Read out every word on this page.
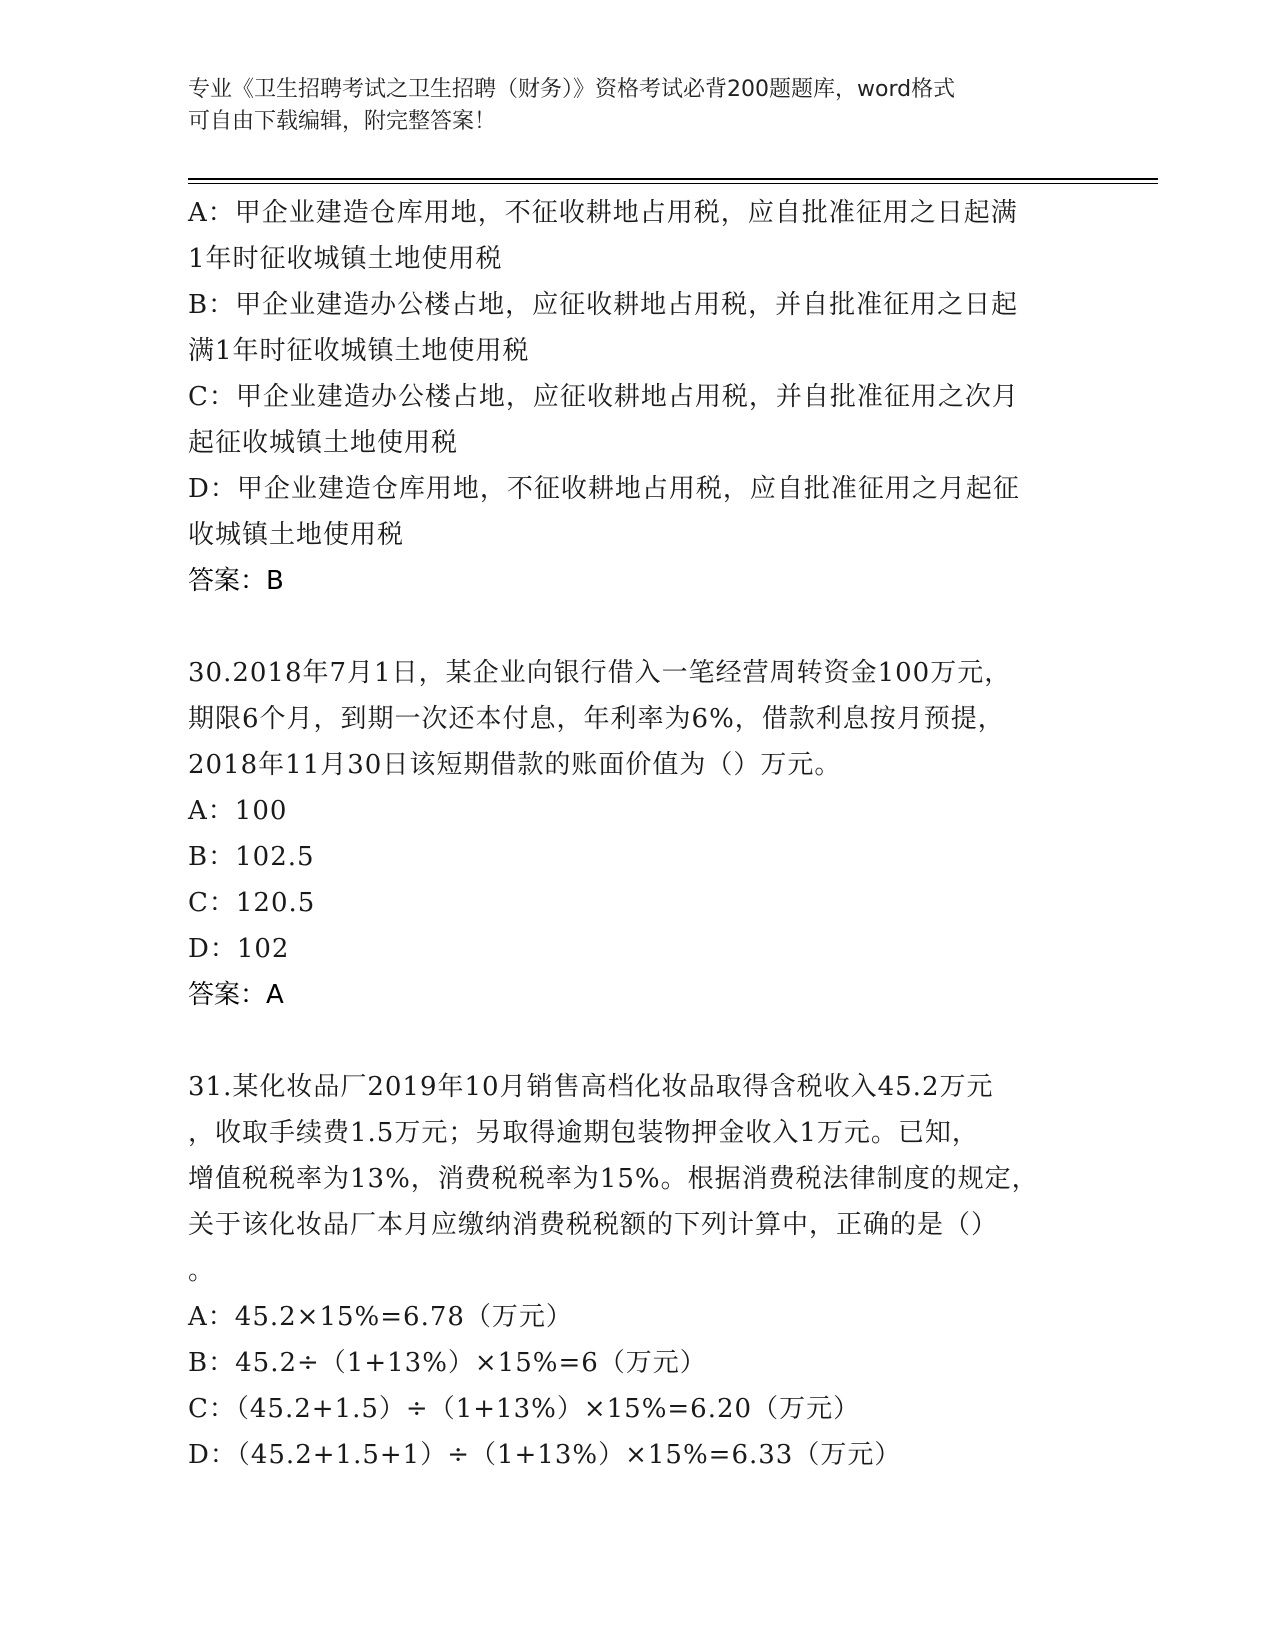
专业《卫生招聘考试之卫生招聘（财务）》资格考试必背200题题库，word格式
可自由下载编辑，附完整答案！
A：甲企业建造仓库用地，不征收耕地占用税，应自批准征用之日起满
1年时征收城镇土地使用税
B：甲企业建造办公楼占地，应征收耕地占用税，并自批准征用之日起
满1年时征收城镇土地使用税
C：甲企业建造办公楼占地，应征收耕地占用税，并自批准征用之次月
起征收城镇土地使用税
D：甲企业建造仓库用地，不征收耕地占用税，应自批准征用之月起征
收城镇土地使用税
答案：B
30.2018年7月1日，某企业向银行借入一笔经营周转资金100万元，
期限6个月，到期一次还本付息，年利率为6%，借款利息按月预提，
2018年11月30日该短期借款的账面价值为（）万元。
A：100
B：102.5
C：120.5
D：102
答案：A
31.某化妆品厂2019年10月销售高档化妆品取得含税收入45.2万元
，收取手续费1.5万元；另取得逾期包装物押金收入1万元。已知，
增值税税率为13%，消费税税率为15%。根据消费税法律制度的规定，
关于该化妆品厂本月应缴纳消费税税额的下列计算中，正确的是（）
。
A：45.2×15%=6.78（万元）
B：45.2÷（1+13%）×15%=6（万元）
C：（45.2+1.5）÷（1+13%）×15%=6.20（万元）
D：（45.2+1.5+1）÷（1+13%）×15%=6.33（万元）
